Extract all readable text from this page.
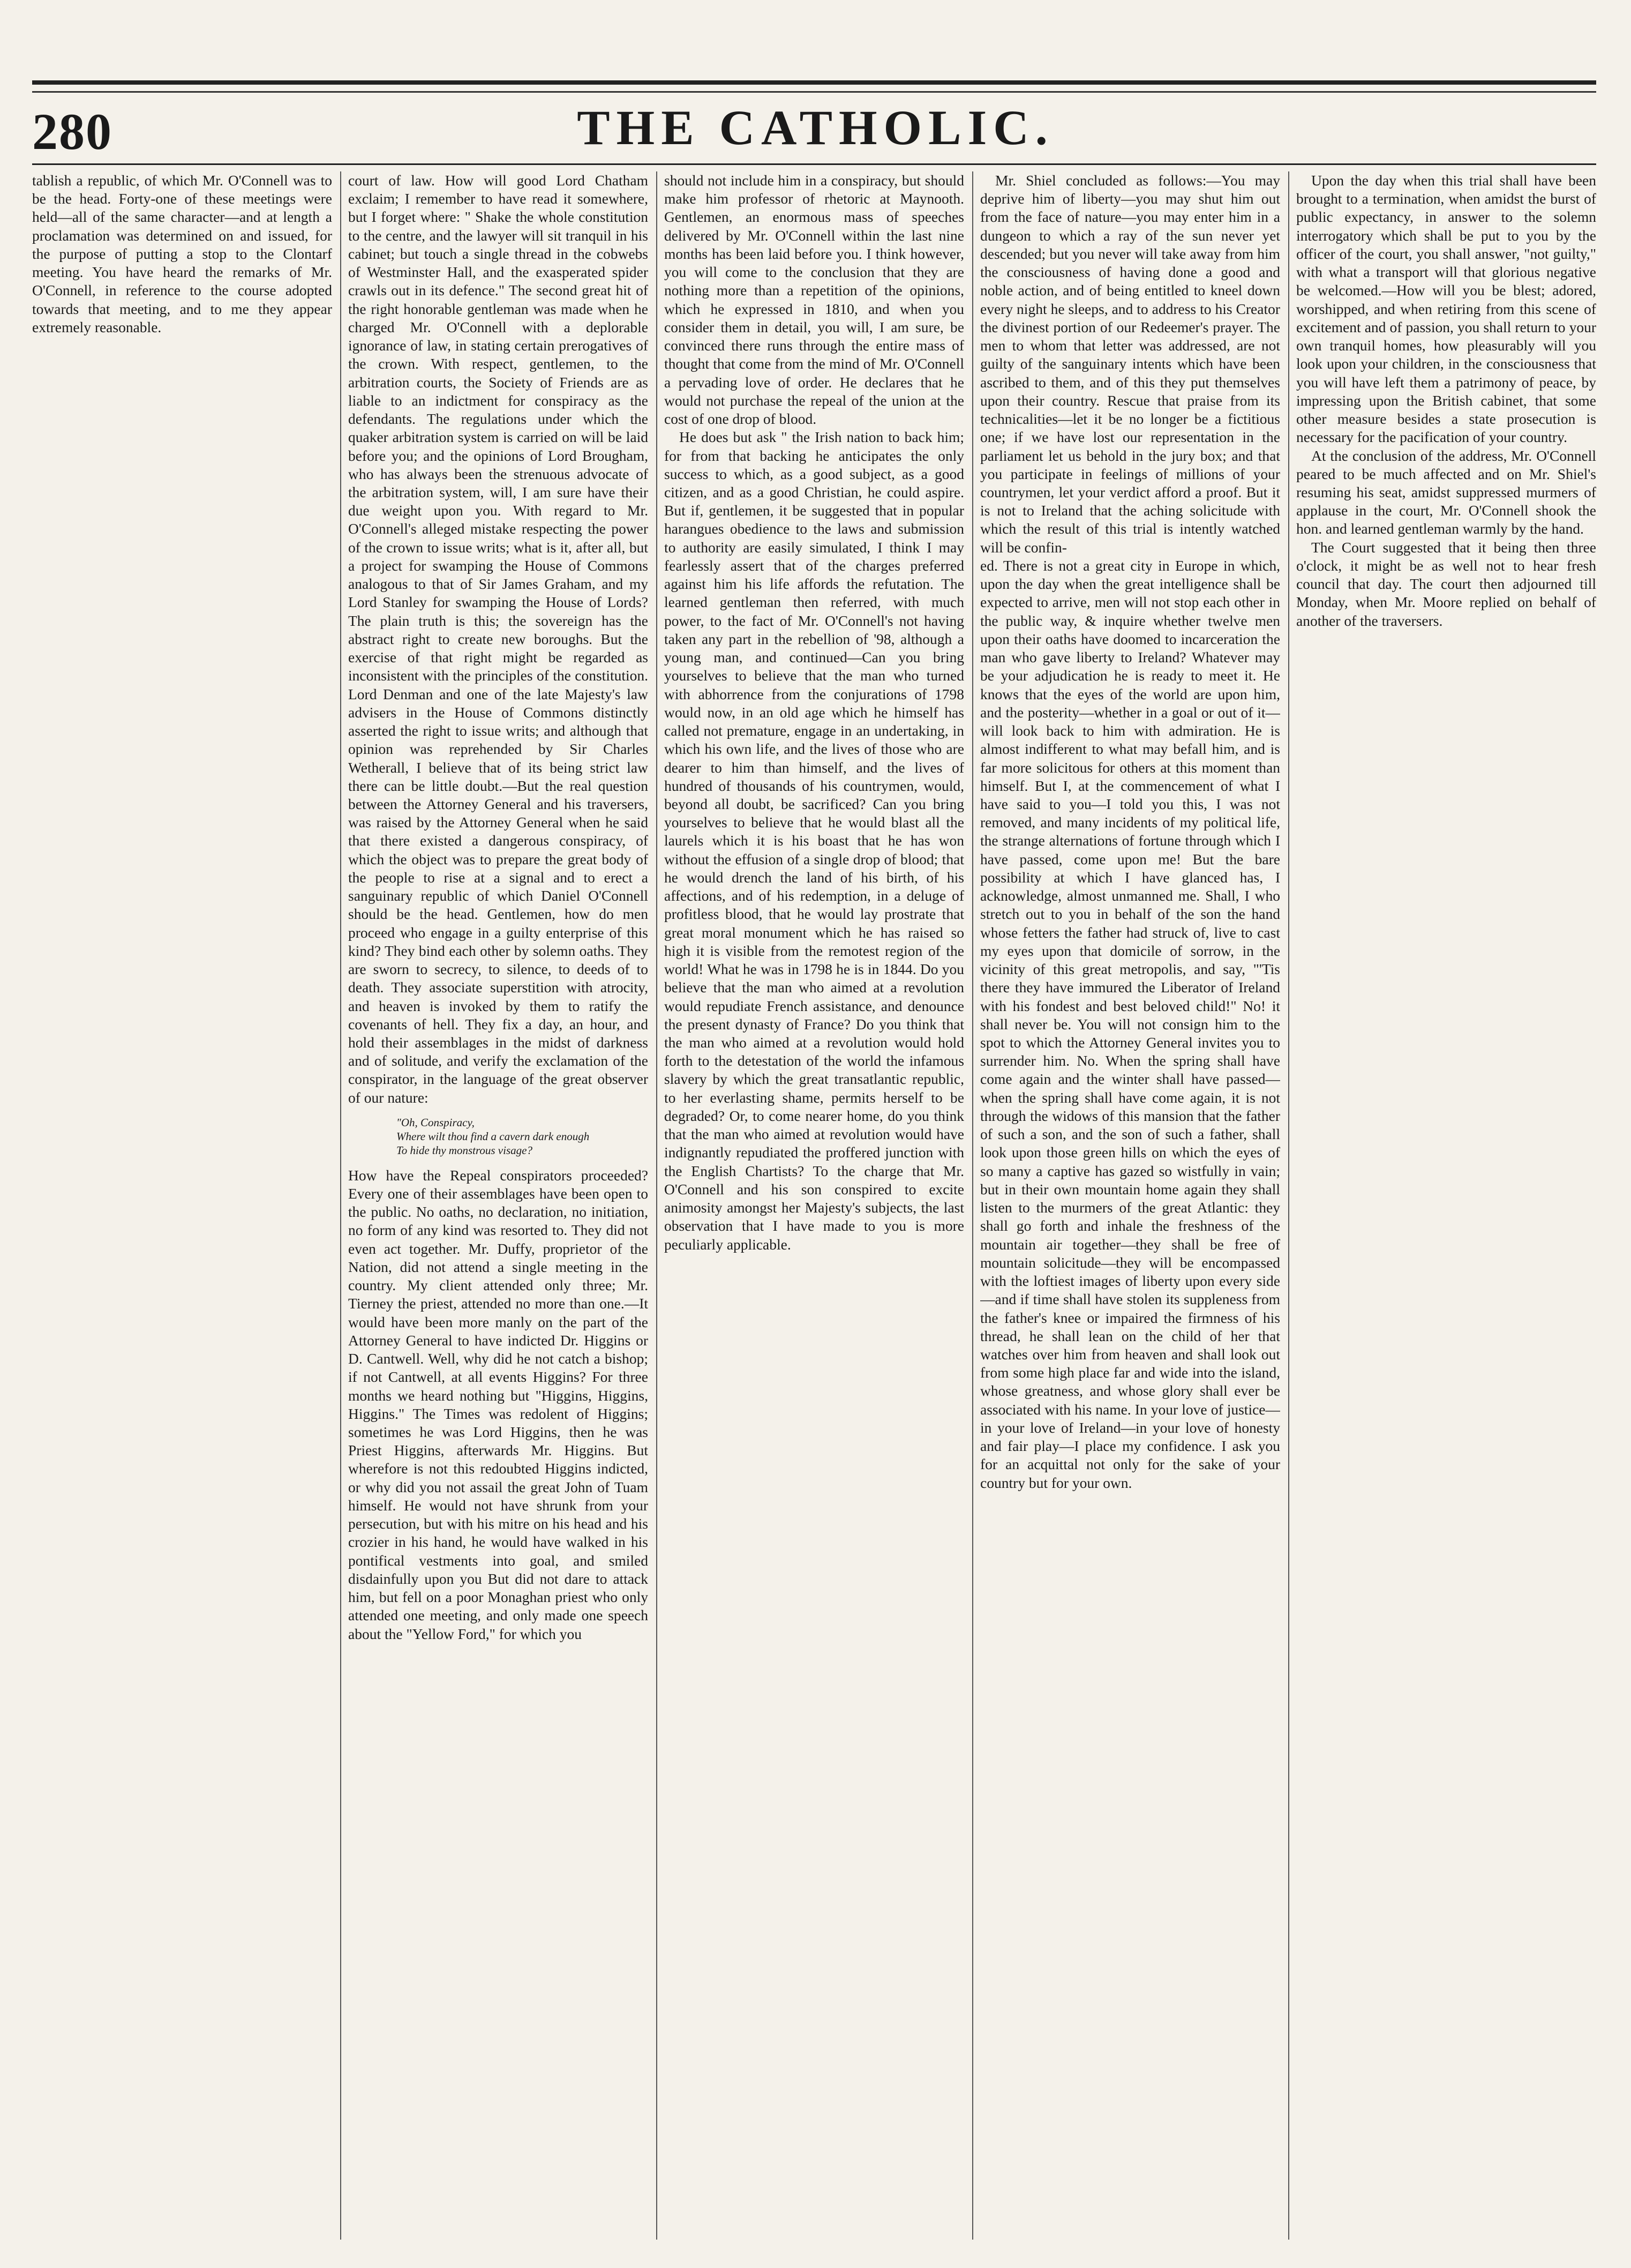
280	THE CATHOLIC.

tablish a republic, of which Mr. O'Connell was to be the head. Forty-one of these meetings were held—all of the same character—and at length a proclamation was determined on and issued, for the purpose of putting a stop to the Clontarf meeting. You have heard the remarks of Mr. O'Connell, in reference to the course adopted towards that meeting, and to me they appear extremely reasonable.

court of law. How will good Lord Chatham exclaim; I remember to have read it somewhere, but I forget where: " Shake the whole constitution to the centre, and the lawyer will sit tranquil in his cabinet; but touch a single thread in the cobwebs of Westminster Hall, and the exasperated spider crawls out in its defence." The second great hit of the right honorable gentleman was made when he charged Mr. O'Connell with a deplorable ignorance of law, in stating certain prerogatives of the crown. With respect, gentlemen, to the arbitration courts, the Society of Friends are as liable to an indictment for conspiracy as the defendants. The regulations under which the quaker arbitration system is carried on will be laid before you; and the opinions of Lord Brougham, who has always been the strenuous advocate of the arbitration system, will, I am sure have their due weight upon you. With regard to Mr. O'Connell's alleged mistake respecting the power of the crown to issue writs; what is it, after all, but a project for swamping the House of Commons analogous to that of Sir James Graham, and my Lord Stanley for swamping the House of Lords? The plain truth is this; the sovereign has the abstract right to create new boroughs. But the exercise of that right might be regarded as inconsistent with the principles of the constitution. Lord Denman and one of the late Majesty's law advisers in the House of Commons distinctly asserted the right to issue writs; and although that opinion was reprehended by Sir Charles Wetherall, I believe that of its being strict law there can be little doubt.—But the real question between the Attorney General and his traversers, was raised by the Attorney General when he said that there existed a dangerous conspiracy, of which the object was to prepare the great body of the people to rise at a signal and to erect a sanguinary republic of which Daniel O'Connell should be the head. Gentlemen, how do men proceed who engage in a guilty enterprise of this kind? They bind each other by solemn oaths. They are sworn to secrecy, to silence, to deeds of to death. They associate superstition with atrocity, and heaven is invoked by them to ratify the covenants of hell. They fix a day, an hour, and hold their assemblages in the midst of darkness and of solitude, and verify the exclamation of the conspirator, in the language of the great observer of our nature:

"Oh, Conspiracy,
Where wilt thou find a cavern dark enough
To hide thy monstrous visage?

How have the Repeal conspirators proceeded? Every one of their assemblages have been open to the public. No oaths, no declaration, no initiation, no form of any kind was resorted to. They did not even act together. Mr. Duffy, proprietor of the Nation, did not attend a single meeting in the country. My client attended only three; Mr. Tierney the priest, attended no more than one.—It would have been more manly on the part of the Attorney General to have indicted Dr. Higgins or D. Cantwell. Well, why did he not catch a bishop; if not Cantwell, at all events Higgins? For three months we heard nothing but "Higgins, Higgins, Higgins." The Times was redolent of Higgins; sometimes he was Lord Higgins, then he was Priest Higgins, afterwards Mr. Higgins. But wherefore is not this redoubted Higgins indicted, or why did you not assail the great John of Tuam himself. He would not have shrunk from your persecution, but with his mitre on his head and his crozier in his hand, he would have walked in his pontifical vestments into goal, and smiled disdainfully upon you But did not dare to attack him, but fell on a poor Monaghan priest who only attended one meeting, and only made one speech about the "Yellow Ford," for which you

should not include him in a conspiracy, but should make him professor of rhetoric at Maynooth. Gentlemen, an enormous mass of speeches delivered by Mr. O'Connell within the last nine months has been laid before you. I think however, you will come to the conclusion that they are nothing more than a repetition of the opinions, which he expressed in 1810, and when you consider them in detail, you will, I am sure, be convinced there runs through the entire mass of thought that come from the mind of Mr. O'Connell a pervading love of order. He declares that he would not purchase the repeal of the union at the cost of one drop of blood.

He does but ask " the Irish nation to back him; for from that backing he anticipates the only success to which, as a good subject, as a good citizen, and as a good Christian, he could aspire. But if, gentlemen, it be suggested that in popular harangues obedience to the laws and submission to authority are easily simulated, I think I may fearlessly assert that of the charges preferred against him his life affords the refutation. The learned gentleman then referred, with much power, to the fact of Mr. O'Connell's not having taken any part in the rebellion of '98, although a young man, and continued—Can you bring yourselves to believe that the man who turned with abhorrence from the conjurations of 1798 would now, in an old age which he himself has called not premature, engage in an undertaking, in which his own life, and the lives of those who are dearer to him than himself, and the lives of hundred of thousands of his countrymen, would, beyond all doubt, be sacrificed? Can you bring yourselves to believe that he would blast all the laurels which it is his boast that he has won without the effusion of a single drop of blood; that he would drench the land of his birth, of his affections, and of his redemption, in a deluge of profitless blood, that he would lay prostrate that great moral monument which he has raised so high it is visible from the remotest region of the world! What he was in 1798 he is in 1844. Do you believe that the man who aimed at a revolution would repudiate French assistance, and denounce the present dynasty of France? Do you think that the man who aimed at a revolution would hold forth to the detestation of the world the infamous slavery by which the great transatlantic republic, to her everlasting shame, permits herself to be degraded? Or, to come nearer home, do you think that the man who aimed at revolution would have indignantly repudiated the proffered junction with the English Chartists? To the charge that Mr. O'Connell and his son conspired to excite animosity amongst her Majesty's subjects, the last observation that I have made to you is more peculiarly applicable.

Mr. Shiel concluded as follows:—You may deprive him of liberty—you may shut him out from the face of nature—you may enter him in a dungeon to which a ray of the sun never yet descended; but you never will take away from him the consciousness of having done a good and noble action, and of being entitled to kneel down every night he sleeps, and to address to his Creator the divinest portion of our Redeemer's prayer. The men to whom that letter was addressed, are not guilty of the sanguinary intents which have been ascribed to them, and of this they put themselves upon their country. Rescue that praise from its technicalities—let it be no longer be a fictitious one; if we have lost our representation in the parliament let us behold in the jury box; and that you participate in feelings of millions of your countrymen, let your verdict afford a proof. But it is not to Ireland that the aching solicitude with which the result of this trial is intently watched will be confin-

ed. There is not a great city in Europe in which, upon the day when the great intelligence shall be expected to arrive, men will not stop each other in the public way, & inquire whether twelve men upon their oaths have doomed to incarceration the man who gave liberty to Ireland? Whatever may be your adjudication he is ready to meet it. He knows that the eyes of the world are upon him, and the posterity—whether in a goal or out of it—will look back to him with admiration. He is almost indifferent to what may befall him, and is far more solicitous for others at this moment than himself. But I, at the commencement of what I have said to you—I told you this, I was not removed, and many incidents of my political life, the strange alternations of fortune through which I have passed, come upon me! But the bare possibility at which I have glanced has, I acknowledge, almost unmanned me. Shall, I who stretch out to you in behalf of the son the hand whose fetters the father had struck of, live to cast my eyes upon that domicile of sorrow, in the vicinity of this great metropolis, and say, "'Tis there they have immured the Liberator of Ireland with his fondest and best beloved child!" No! it shall never be. You will not consign him to the spot to which the Attorney General invites you to surrender him. No. When the spring shall have come again and the winter shall have passed—when the spring shall have come again, it is not through the widows of this mansion that the father of such a son, and the son of such a father, shall look upon those green hills on which the eyes of so many a captive has gazed so wistfully in vain; but in their own mountain home again they shall listen to the murmers of the great Atlantic: they shall go forth and inhale the freshness of the mountain air together—they shall be free of mountain solicitude—they will be encompassed with the loftiest images of liberty upon every side—and if time shall have stolen its suppleness from the father's knee or impaired the firmness of his thread, he shall lean on the child of her that watches over him from heaven and shall look out from some high place far and wide into the island, whose greatness, and whose glory shall ever be associated with his name. In your love of justice—in your love of Ireland—in your love of honesty and fair play—I place my confidence. I ask you for an acquittal not only for the sake of your country but for your own.

Upon the day when this trial shall have been brought to a termination, when amidst the burst of public expectancy, in answer to the solemn interrogatory which shall be put to you by the officer of the court, you shall answer, "not guilty," with what a transport will that glorious negative be welcomed.—How will you be blest; adored, worshipped, and when retiring from this scene of excitement and of passion, you shall return to your own tranquil homes, how pleasurably will you look upon your children, in the consciousness that you will have left them a patrimony of peace, by impressing upon the British cabinet, that some other measure besides a state prosecution is necessary for the pacification of your country.

At the conclusion of the address, Mr. O'Connell peared to be much affected and on Mr. Shiel's resuming his seat, amidst suppressed murmers of applause in the court, Mr. O'Connell shook the hon. and learned gentleman warmly by the hand.

The Court suggested that it being then three o'clock, it might be as well not to hear fresh council that day. The court then adjourned till Monday, when Mr. Moore replied on behalf of another of the traversers.
